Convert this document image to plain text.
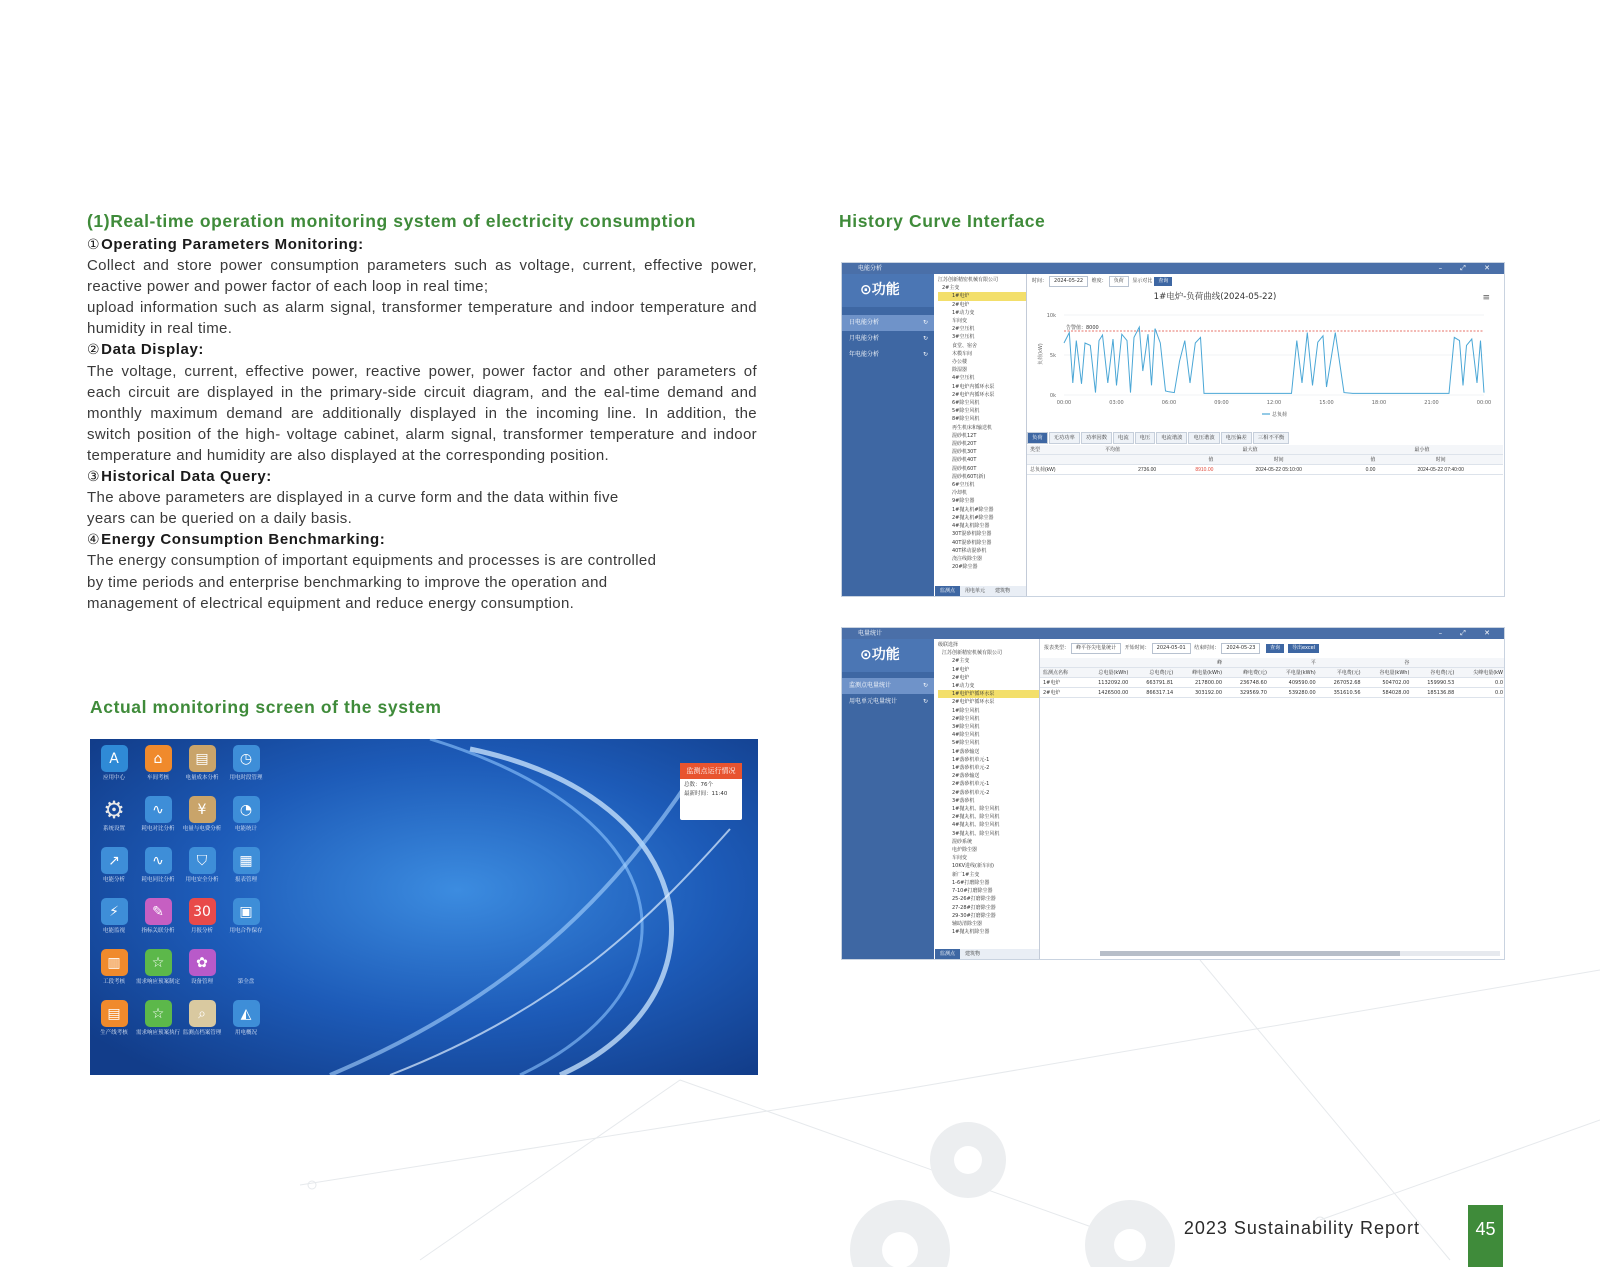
(1)Real-time operation monitoring system of electricity consumption
①Operating Parameters Monitoring:

Collect and store power consumption parameters such as voltage, current, effective power, reactive power and power factor of each loop in real time;

upload information such as alarm signal, transformer temperature and indoor temperature and humidity in real time.

②Data Display:

The voltage, current, effective power, reactive power, power factor and other parameters of each circuit are displayed in the primary-side circuit diagram, and the eal-time demand and monthly maximum demand are additionally displayed in the incoming line. In addition, the switch position of the high- voltage cabinet, alarm signal, transformer temperature and indoor temperature and humidity are also displayed at the corresponding position.

③Historical Data Query:

The above parameters are displayed in a curve form and the data within five

years can be queried on a daily basis.

④Energy Consumption Benchmarking:

The energy consumption of important equipments and processes is are controlled

by time periods and enterprise benchmarking to improve the operation and

management of electrical equipment and reduce energy consumption.

Actual monitoring screen of the system
A
应用中心
⌂
车间考核
▤
电量成本分析
◷
用电时段管理
⚙
系统设置
∿
耗电对比分析
¥
电量与电费分析
◔
电能统计
↗
电能分析
∿
耗电同比分析
⛉
用电安全分析
▦
报表管理
⚡
电能监视
✎
指标关联分析
30
月报分析
▣
用电合作保存
▥
工段考核
☆
需求响应预案制定
✿
设备管理	第全盘
▤
生产线考核
☆
需求响应预案执行
⌕
监测点档案管理
◭
用电概况
监测点运行情况
总数：76个
最新时间：11:40
History Curve Interface
电能分析	– ⤢ ✕
⊙功能
日电能分析	↻
月电能分析	↻
年电能分析	↻
江苏创新精密机械有限公司
2#主变
1#电炉
2#电炉
1#动力变
车间变
2#空压机
3#空压机
食堂、宿舍
木模车间
办公楼
除湿器
4#空压机
1#电炉内循环水泵
2#电炉内循环水泵
6#除尘风机
5#除尘风机
8#除尘风机
再生机床和输送机
混砂机12T
混砂机20T
混砂机30T
混砂机40T
混砂机60T
混砂机60T(新)
6#空压机
冷却机
9#除尘器
1#抛丸机#除尘器
2#抛丸机#除尘器
4#抛丸机除尘器
30T混砂机除尘器
40T混砂机除尘器
40T移动混砂机
浇注线除尘器
20#除尘器
监测点 用电单元 建筑物
时间： 2024-05-22 维度： 负荷 显示对比 查询
≡
1#电炉-负荷曲线(2024-05-22)
0k
5k
10k
负荷(kW)
00:00	03:00	06:00	09:00	12:00	15:00	18:00	21:00	00:00
告警值：8000
总负荷
负荷 无功功率 功率因数 电流 电压 电流谐波 电压谐波 电压偏差 三相不平衡
类型	平均值	最大值		最小值	
		值	时间	值	时间
总负荷(kW)	2736.00	8910.00	2024-05-22 05:10:00	0.00	2024-05-22 07:40:00
电量统计	– ⤢ ✕
⊙功能
监测点电量统计	↻
用电单元电量统计	↻
级联选择
江苏创新精密机械有限公司
2#主变
1#电炉
2#电炉
1#动力变
1#电炉炉循环水泵
2#电炉炉循环水泵
1#除尘风机
2#除尘风机
3#除尘风机
4#除尘风机
5#除尘风机
1#落砂输送
1#落砂机单元-1
1#落砂机单元-2
2#落砂输送
2#落砂机单元-1
2#落砂机单元-2
3#落砂机
1#抛丸机、除尘风机
2#抛丸机、除尘风机
4#抛丸机、除尘风机
3#抛丸机、除尘风机
混砂系统
电炉除尘器
车间变
10KV进线(新车间)
新厂1#主变
1-6#打磨除尘器
7-10#打磨除尘器
25-26#打磨除尘器
27-28#打磨除尘器
29-30#打磨除尘器
辅助清除尘器
1#抛丸机除尘器
监测点 建筑物
报表类型： 峰平谷尖电量统计 开始时间： 2024-05-01 结束时间： 2024-05-23	查询 导出excel
			峰		平		谷		
监测点名称	总电量(kWh)	总电费(元)	峰电量(kWh)	峰电费(元)	平电量(kWh)	平电费(元)	谷电量(kWh)	谷电费(元)	尖峰电量(kW
1#电炉	1132092.00	663791.81	217800.00	236748.60	409590.00	267052.68	504702.00	159990.53	0.0
2#电炉	1426500.00	866317.14	303192.00	329569.70	539280.00	351610.56	584028.00	185136.88	0.0
2023 Sustainability Report	45
